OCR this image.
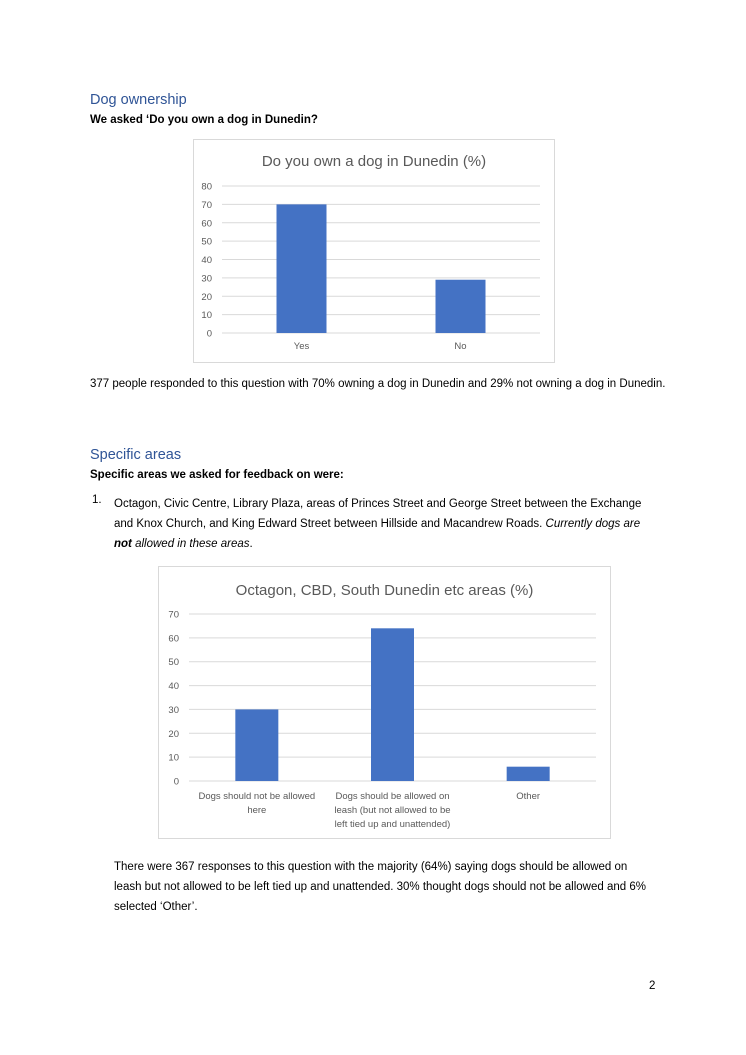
Dog ownership

We asked ‘Do you own a dog in Dunedin?

Do you own a dog in Dunedin (%)
0
10
20
30
40
50
60
70
80
Yes	No

377 people responded to this question with 70% owning a dog in Dunedin and 29% not owning a dog in Dunedin.

Specific areas

Specific areas we asked for feedback on were:

1. Octagon, Civic Centre, Library Plaza, areas of Princes Street and George Street between the Exchange and Knox Church, and King Edward Street between Hillside and Macandrew Roads. Currently dogs are not allowed in these areas.

Octagon, CBD, South Dunedin etc areas (%)
0
10
20
30
40
50
60
70
Dogs should not be allowed here
Dogs should be allowed on leash (but not allowed to be left tied up and unattended)
Other

There were 367 responses to this question with the majority (64%) saying dogs should be allowed on leash but not allowed to be left tied up and unattended. 30% thought dogs should not be allowed and 6% selected ‘Other’.

2
